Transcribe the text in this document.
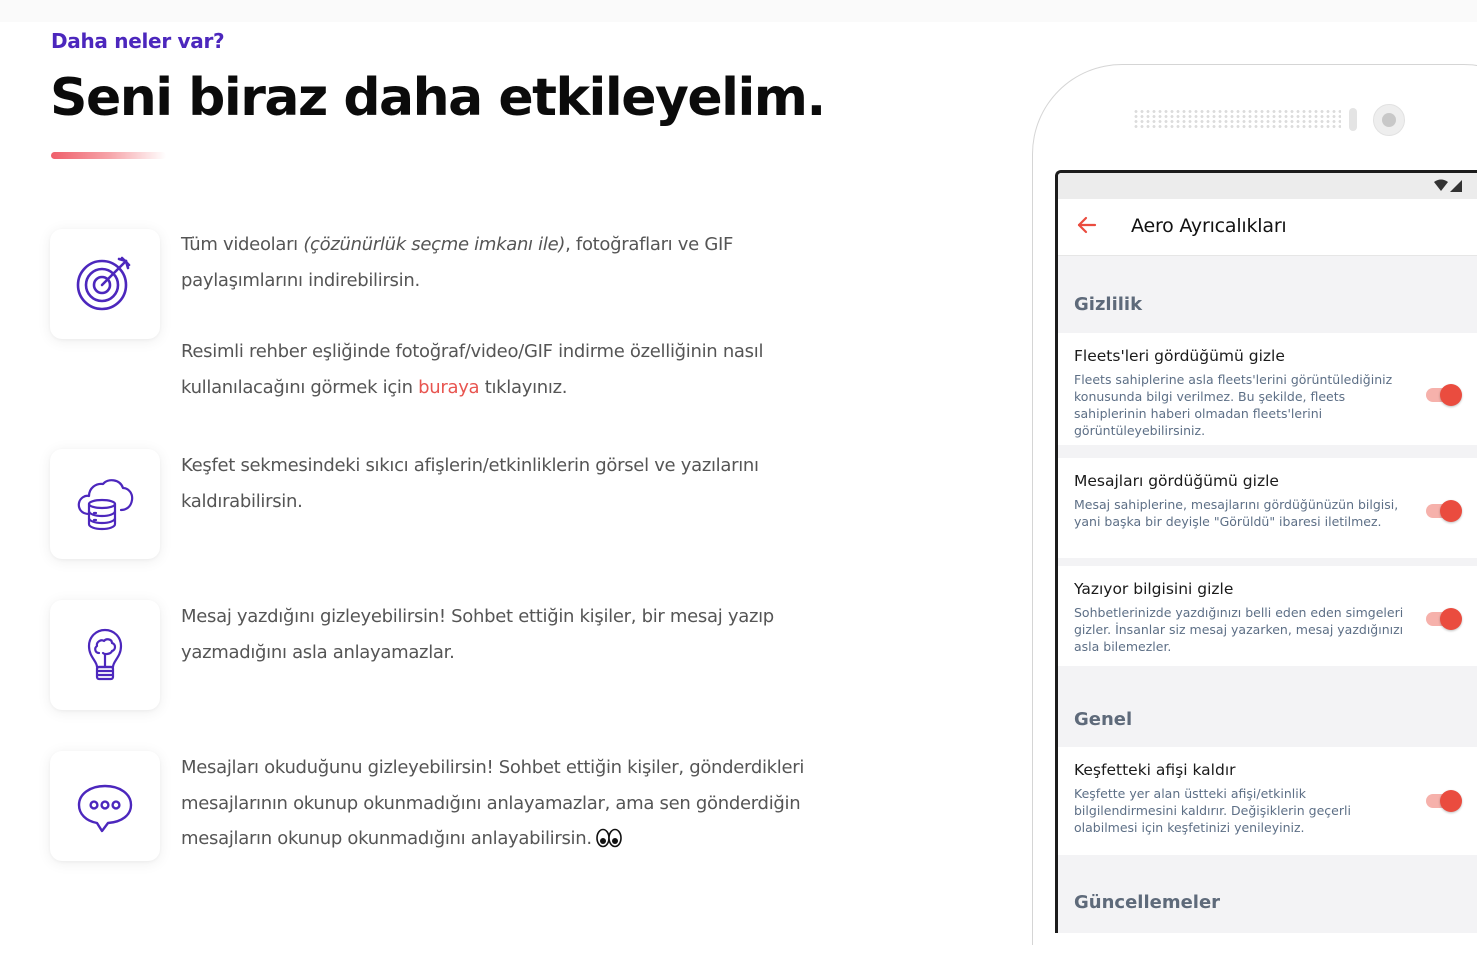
Daha neler var?
Seni biraz daha etkileyelim.

Tüm videoları (çözünürlük seçme imkanı ile), fotoğrafları ve GIF paylaşımlarını indirebilirsin.

Resimli rehber eşliğinde fotoğraf/video/GIF indirme özelliğinin nasıl kullanılacağını görmek için buraya tıklayınız.

Keşfet sekmesindeki sıkıcı afişlerin/etkinliklerin görsel ve yazılarını kaldırabilirsin.

Mesaj yazdığını gizleyebilirsin! Sohbet ettiğin kişiler, bir mesaj yazıp yazmadığını asla anlayamazlar.

Mesajları okuduğunu gizleyebilirsin! Sohbet ettiğin kişiler, gönderdikleri mesajlarının okunup okunmadığını anlayamazlar, ama sen gönderdiğin mesajların okunup okunmadığını anlayabilirsin.

Aero Ayrıcalıkları
Gizlilik
Fleets'leri gördüğümü gizle
Fleets sahiplerine asla fleets'lerini görüntülediğiniz konusunda bilgi verilmez. Bu şekilde, fleets sahiplerinin haberi olmadan fleets'lerini görüntüleyebilirsiniz.
Mesajları gördüğümü gizle
Mesaj sahiplerine, mesajlarını gördüğünüzün bilgisi, yani başka bir deyişle "Görüldü" ibaresi iletilmez.
Yazıyor bilgisini gizle
Sohbetlerinizde yazdığınızı belli eden eden simgeleri gizler. İnsanlar siz mesaj yazarken, mesaj yazdığınızı asla bilemezler.
Genel
Keşfetteki afişi kaldır
Keşfette yer alan üstteki afişi/etkinlik bilgilendirmesini kaldırır. Değişiklerin geçerli olabilmesi için keşfetinizi yenileyiniz.
Güncellemeler
